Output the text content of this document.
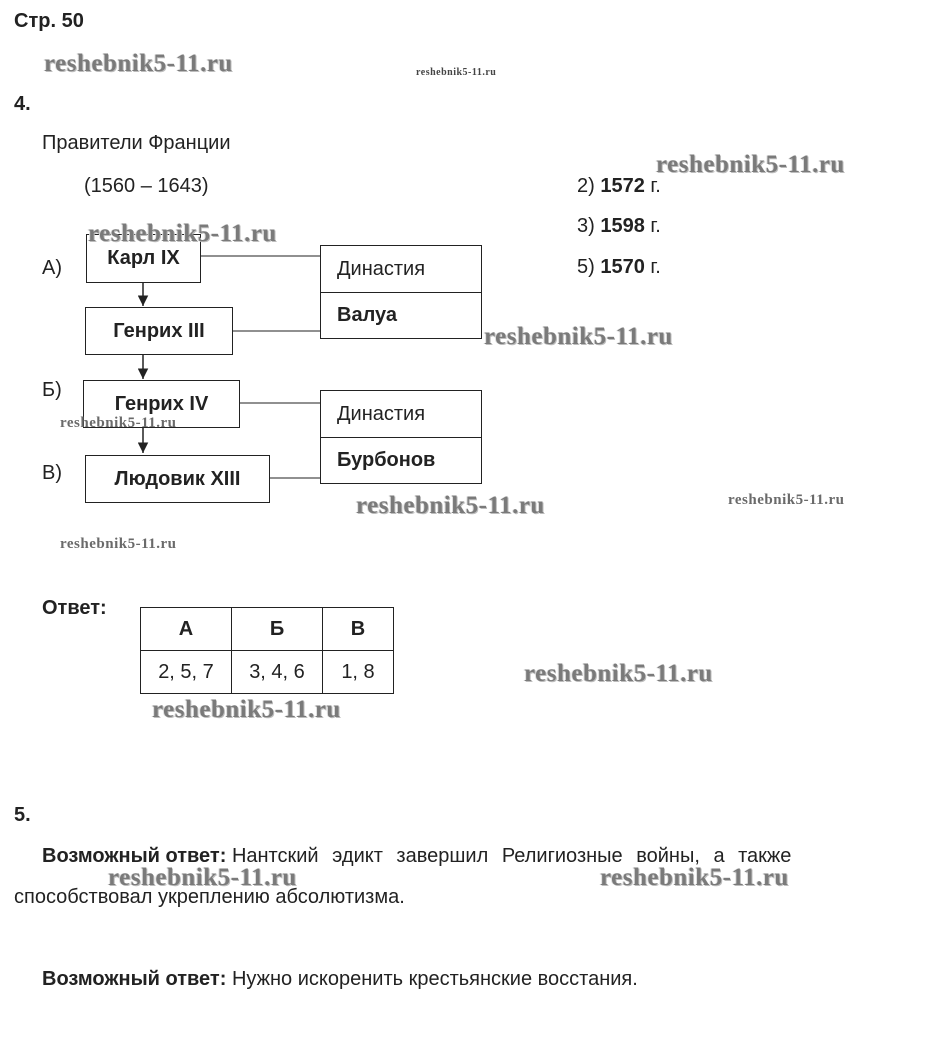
Стр. 50
4.
Правители Франции
(1560 – 1643)
А)
Б)
В)
Карл IX
Генрих III
Генрих IV
Людовик XIII
Династия
Валуа
Династия
Бурбонов
2) 1572 г.
3) 1598 г.
5) 1570 г.
Ответ:
А	Б	В
2, 5, 7	3, 4, 6	1, 8
5.
Возможный ответ: Нантский эдикт завершил Религиозные войны, а также
способствовал укреплению абсолютизма.
Возможный ответ: Нужно искоренить крестьянские восстания.
reshebnik5-11.ru	reshebnik5-11.ru
reshebnik5-11.ru
reshebnik5-11.ru
reshebnik5-11.ru
reshebnik5-11.ru
reshebnik5-11.ru	reshebnik5-11.ru
reshebnik5-11.ru
reshebnik5-11.ru
reshebnik5-11.ru
reshebnik5-11.ru	reshebnik5-11.ru
